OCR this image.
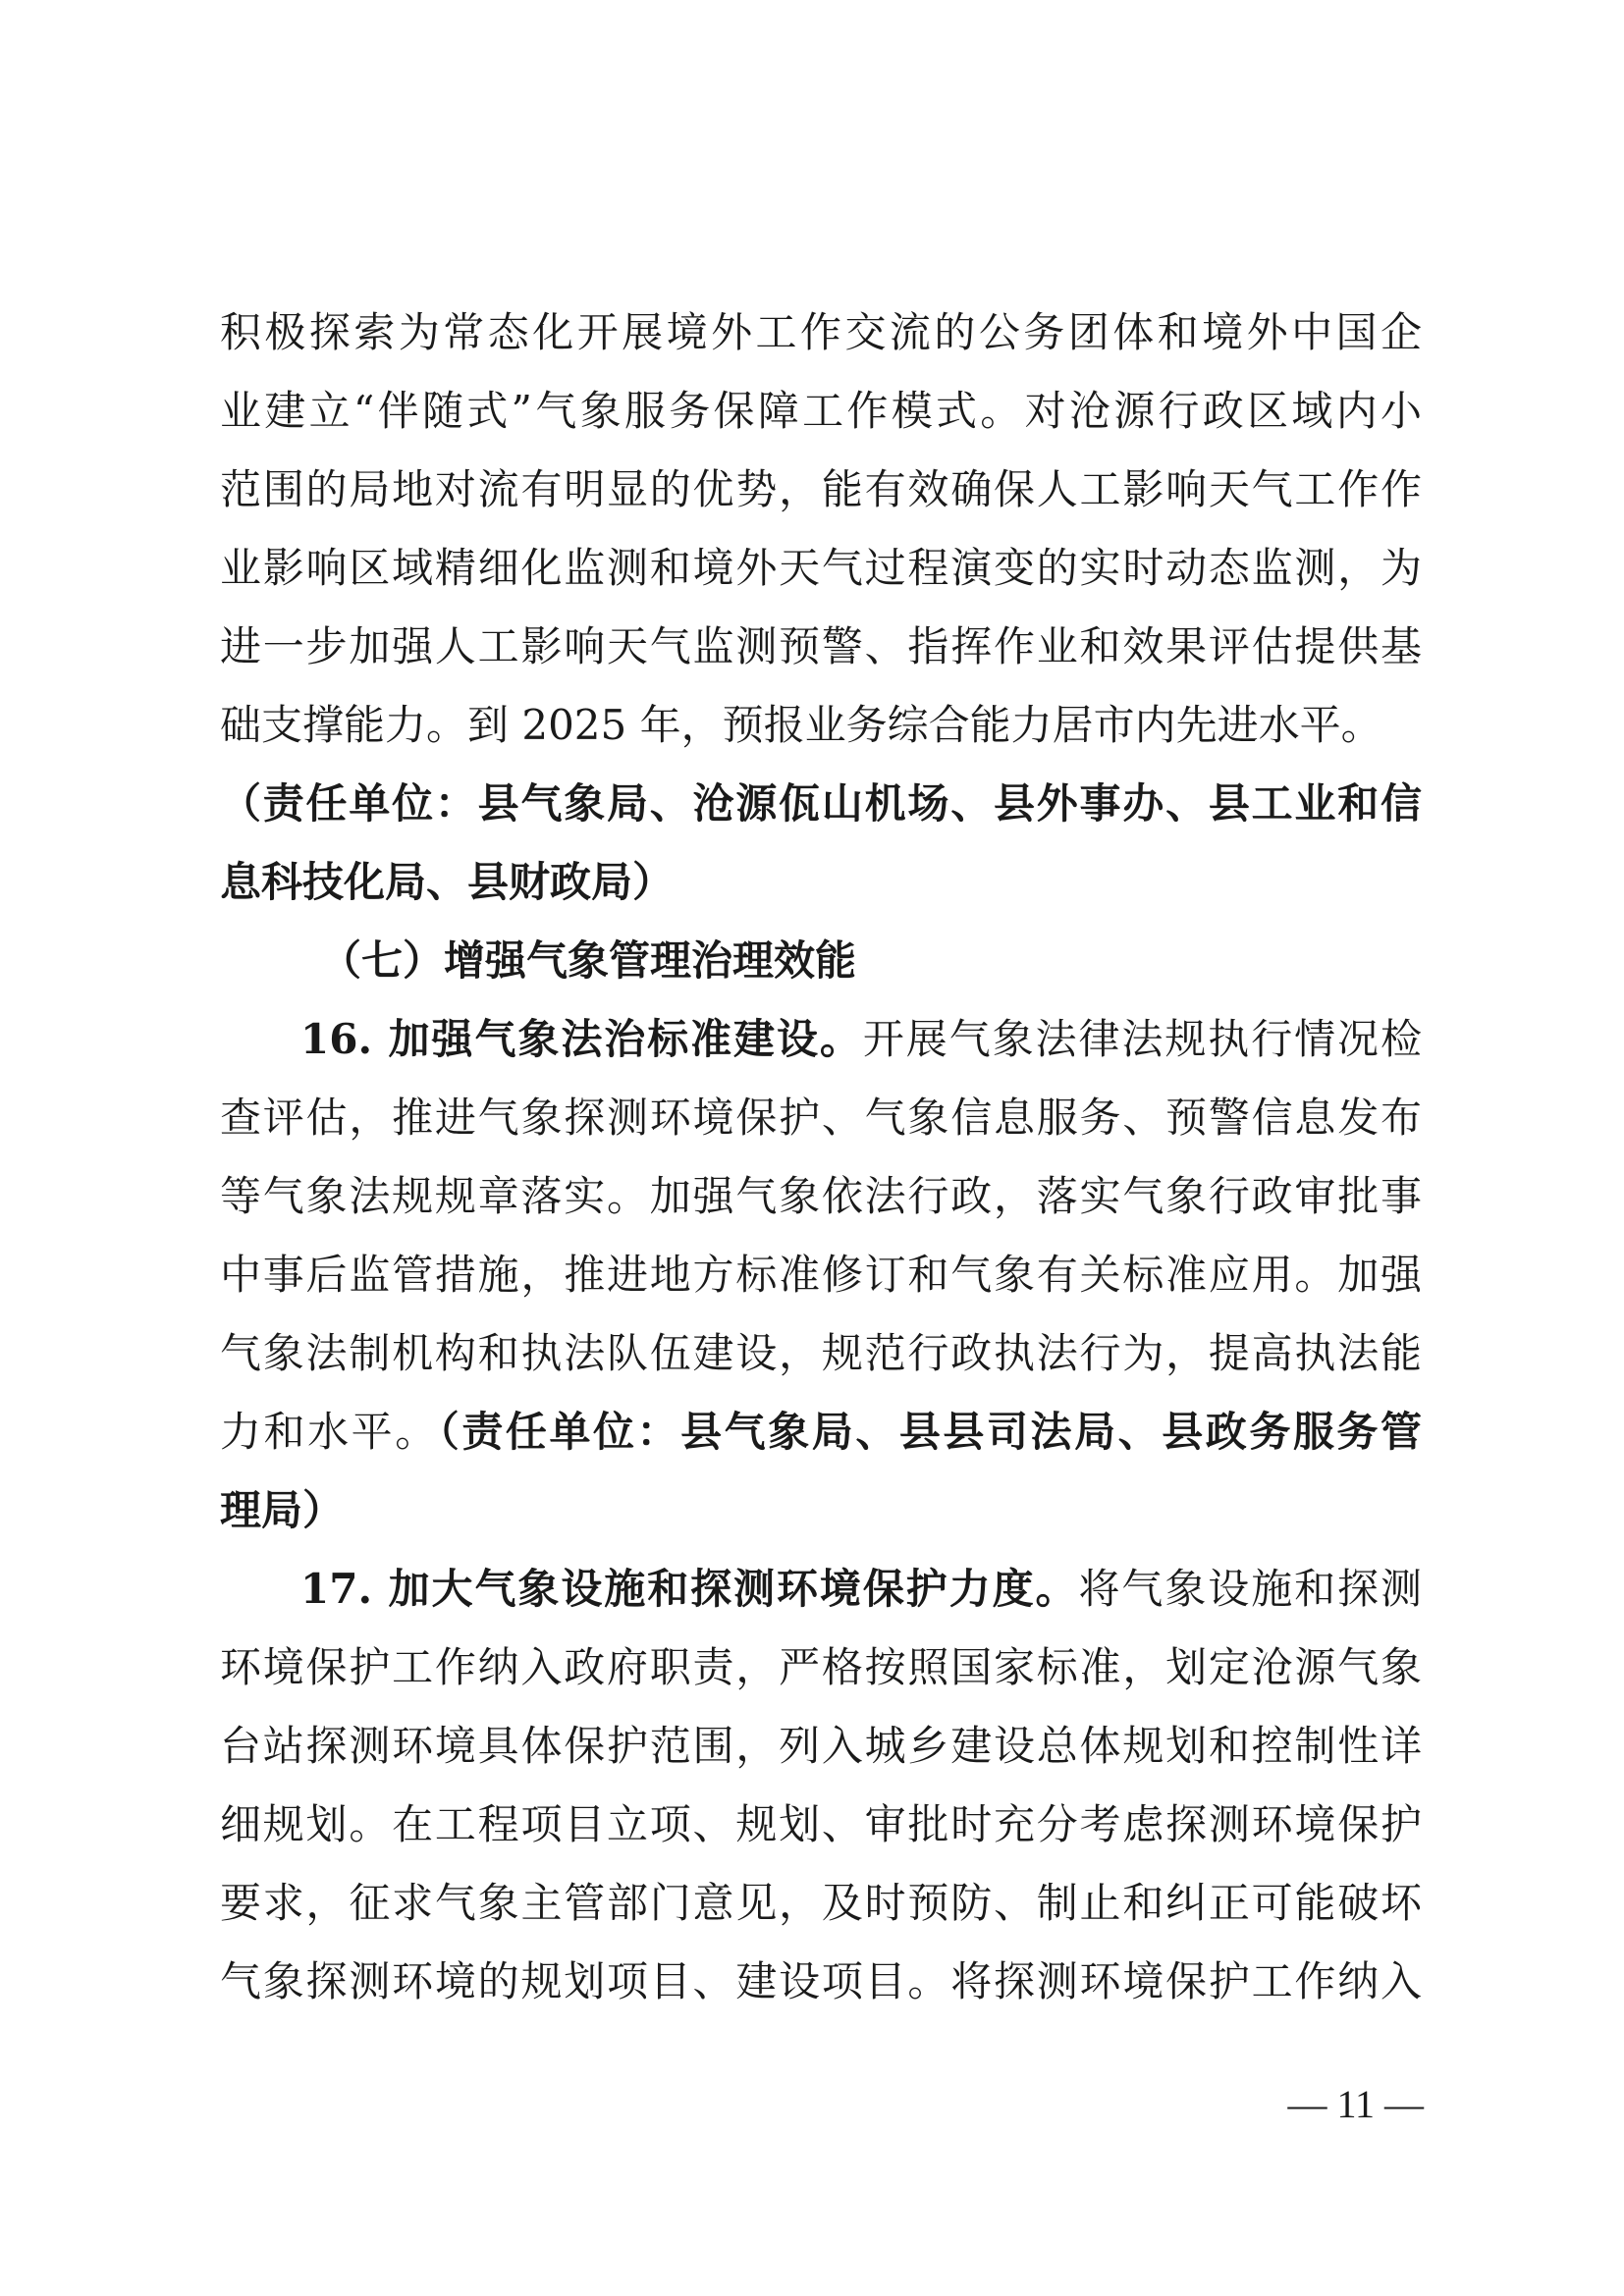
积极探索为常态化开展境外工作交流的公务团体和境外中国企
业建立“伴随式”气象服务保障工作模式。对沧源行政区域内小
范围的局地对流有明显的优势，能有效确保人工影响天气工作作
业影响区域精细化监测和境外天气过程演变的实时动态监测，为
进一步加强人工影响天气监测预警、指挥作业和效果评估提供基
础支撑能力。到 2025 年，预报业务综合能力居市内先进水平。
（责任单位：县气象局、沧源佤山机场、县外事办、县工业和信
息科技化局、县财政局）
（七）增强气象管理治理效能
16. 加强气象法治标准建设。开展气象法律法规执行情况检
查评估，推进气象探测环境保护、气象信息服务、预警信息发布
等气象法规规章落实。加强气象依法行政，落实气象行政审批事
中事后监管措施，推进地方标准修订和气象有关标准应用。加强
气象法制机构和执法队伍建设，规范行政执法行为，提高执法能
力和水平。（责任单位：县气象局、县县司法局、县政务服务管
理局）
17. 加大气象设施和探测环境保护力度。将气象设施和探测
环境保护工作纳入政府职责，严格按照国家标准，划定沧源气象
台站探测环境具体保护范围，列入城乡建设总体规划和控制性详
细规划。在工程项目立项、规划、审批时充分考虑探测环境保护
要求，征求气象主管部门意见，及时预防、制止和纠正可能破坏
气象探测环境的规划项目、建设项目。将探测环境保护工作纳入
— 11 —
